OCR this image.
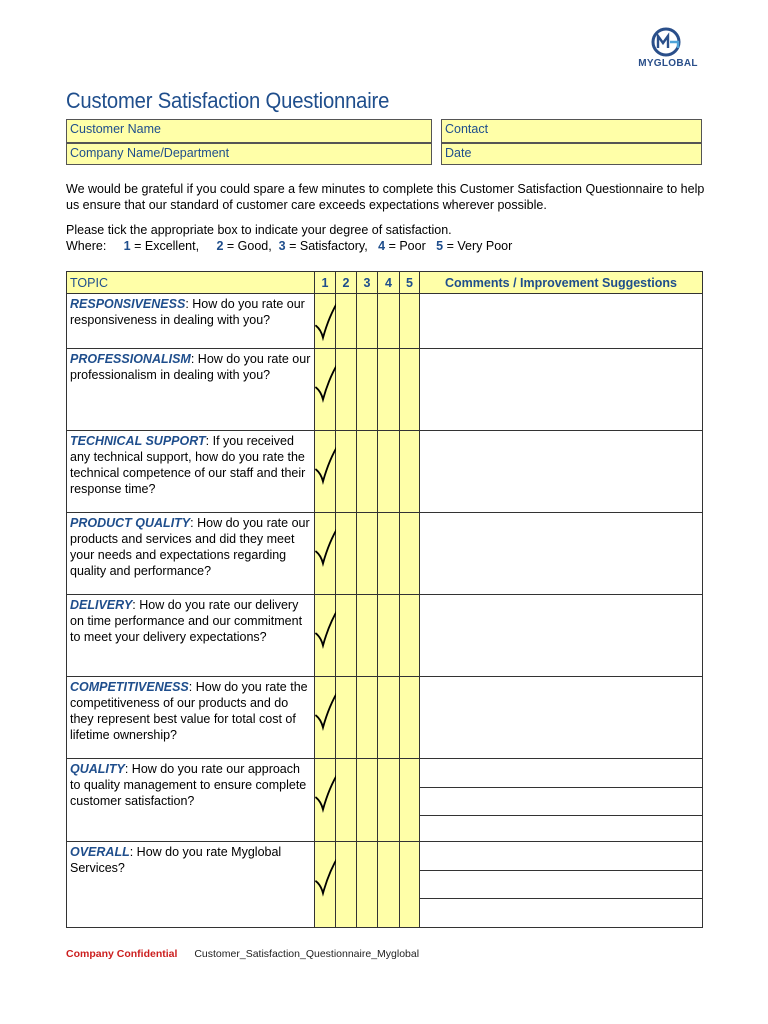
MYGLOBAL
Customer Satisfaction Questionnaire
Customer Name
Company Name/Department
Contact
Date
We would be grateful if you could spare a few minutes to complete this Customer Satisfaction Questionnaire to help us ensure that our standard of customer care exceeds expectations wherever possible.
Please tick the appropriate box to indicate your degree of satisfaction.
Where: 1 = Excellent, 2 = Good, 3 = Satisfactory, 4 = Poor 5 = Very Poor
TOPIC	1	2	3	4	5	Comments / Improvement Suggestions
RESPONSIVENESS: How do you rate our responsiveness in dealing with you?	

PROFESSIONALISM: How do you rate our professionalism in dealing with you?	

TECHNICAL SUPPORT: If you received any technical support, how do you rate the technical competence of our staff and their response time?	

PRODUCT QUALITY: How do you rate our products and services and did they meet your needs and expectations regarding quality and performance?	

DELIVERY: How do you rate our delivery on time performance and our commitment to meet your delivery expectations?	

COMPETITIVENESS: How do you rate the competitiveness of our products and do they represent best value for total cost of lifetime ownership?	

QUALITY: How do you rate our approach to quality management to ensure complete customer satisfaction?	

OVERALL: How do you rate Myglobal Services?	

Company Confidential Customer_Satisfaction_Questionnaire_Myglobal
